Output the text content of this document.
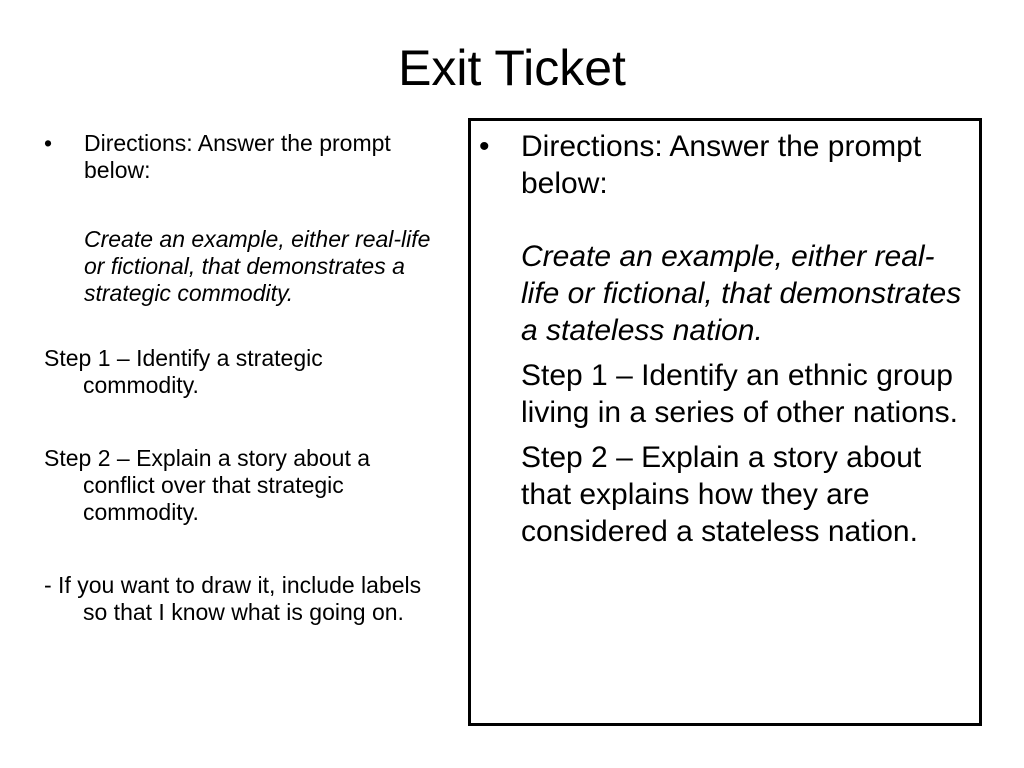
Exit Ticket
• Directions: Answer the prompt below:
Create an example, either real-life or fictional, that demonstrates a strategic commodity.
Step 1 – Identify a strategic commodity.
Step 2 – Explain a story about a conflict over that strategic commodity.
- If you want to draw it, include labels so that I know what is going on.
• Directions: Answer the prompt below:
Create an example, either real-life or fictional, that demonstrates a stateless nation.
Step 1 – Identify an ethnic group living in a series of other nations.
Step 2 – Explain a story about that explains how they are considered a stateless nation.
